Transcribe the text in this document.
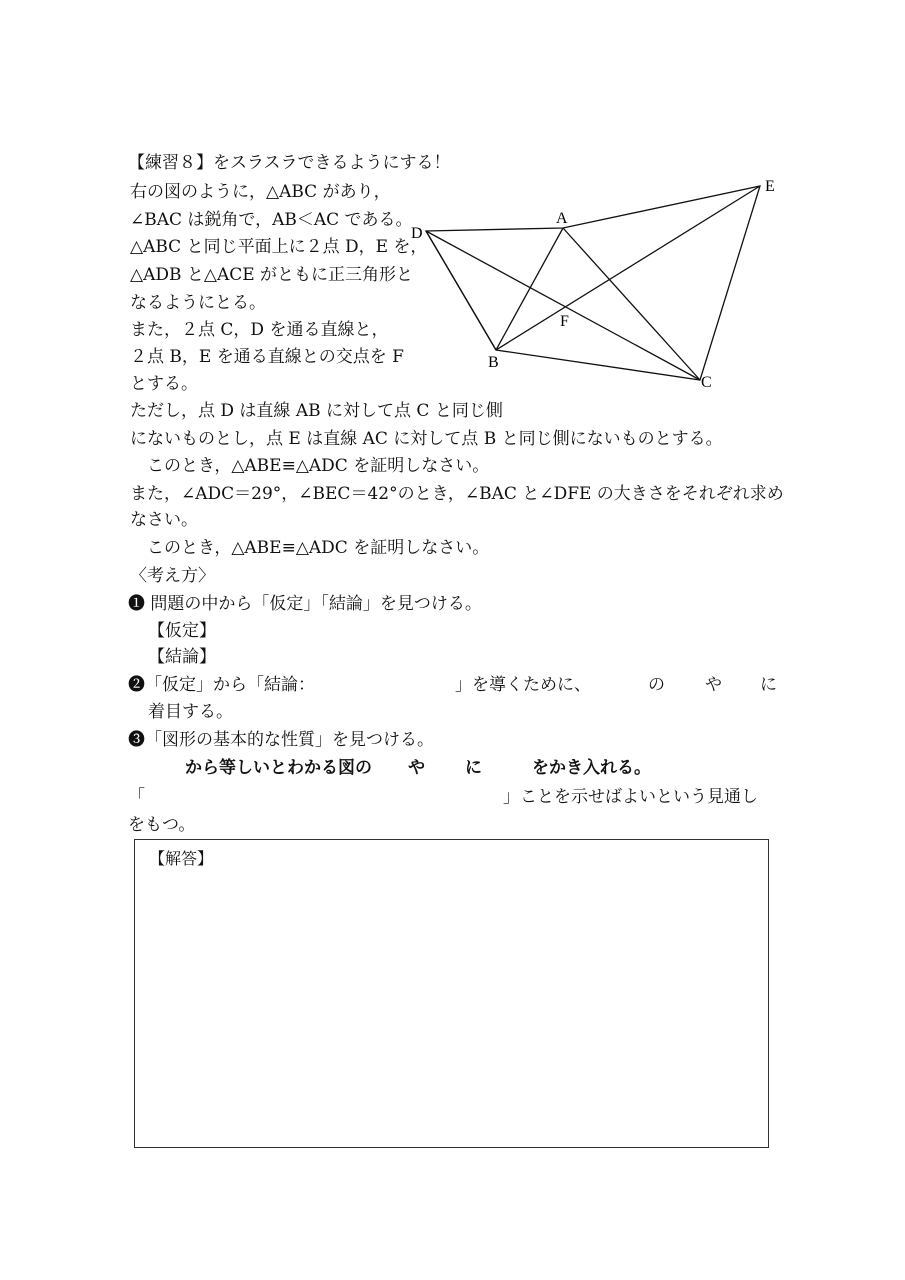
【練習８】をスラスラできるようにする！
右の図のように，△ABC があり，
∠BAC は鋭角で，AB＜AC である。
△ABC と同じ平面上に２点 D，E を，
△ADB と△ACE がともに正三角形と
なるようにとる。
また，２点 C，D を通る直線と，
２点 B，E を通る直線との交点を F
とする。
ただし，点 D は直線 AB に対して点 C と同じ側
にないものとし，点 E は直線 AC に対して点 B と同じ側にないものとする。
　このとき，△ABE≡△ADC を証明しなさい。
また，∠ADC＝29°，∠BEC＝42°のとき，∠BAC と∠DFE の大きさをそれぞれ求め
なさい。
　このとき，△ABE≡△ADC を証明しなさい。
A
B
C
D
E
F
〈考え方〉
❶ 問題の中から「仮定」「結論」を見つける。
【仮定】
【結論】
❷「仮定」から「結論：	」を導くために、	の や に
着目する。
❸「図形の基本的な性質」を見つける。
から等しいとわかる図の や に	をかき入れる。
「	」ことを示せばよいという見通し
をもつ。
【解答】
